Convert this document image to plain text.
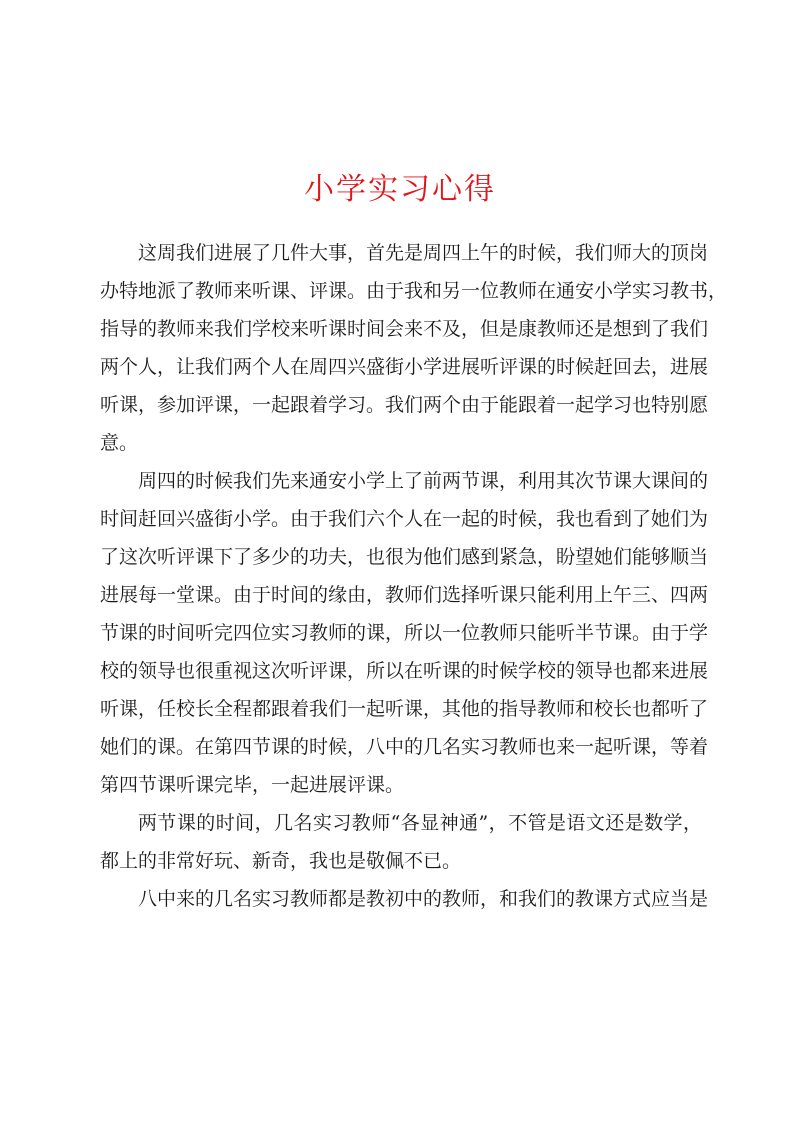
小学实习心得
这周我们进展了几件大事，首先是周四上午的时候，我们师大的顶岗
办特地派了教师来听课、评课。由于我和另一位教师在通安小学实习教书，
指导的教师来我们学校来听课时间会来不及，但是康教师还是想到了我们
两个人，让我们两个人在周四兴盛街小学进展听评课的时候赶回去，进展
听课，参加评课，一起跟着学习。我们两个由于能跟着一起学习也特别愿
意。
周四的时候我们先来通安小学上了前两节课，利用其次节课大课间的
时间赶回兴盛街小学。由于我们六个人在一起的时候，我也看到了她们为
了这次听评课下了多少的功夫，也很为他们感到紧急，盼望她们能够顺当
进展每一堂课。由于时间的缘由，教师们选择听课只能利用上午三、四两
节课的时间听完四位实习教师的课，所以一位教师只能听半节课。由于学
校的领导也很重视这次听评课，所以在听课的时候学校的领导也都来进展
听课，任校长全程都跟着我们一起听课，其他的指导教师和校长也都听了
她们的课。在第四节课的时候，八中的几名实习教师也来一起听课，等着
第四节课听课完毕，一起进展评课。
两节课的时间，几名实习教师“各显神通”，不管是语文还是数学，
都上的非常好玩、新奇，我也是敬佩不已。
八中来的几名实习教师都是教初中的教师，和我们的教课方式应当是
